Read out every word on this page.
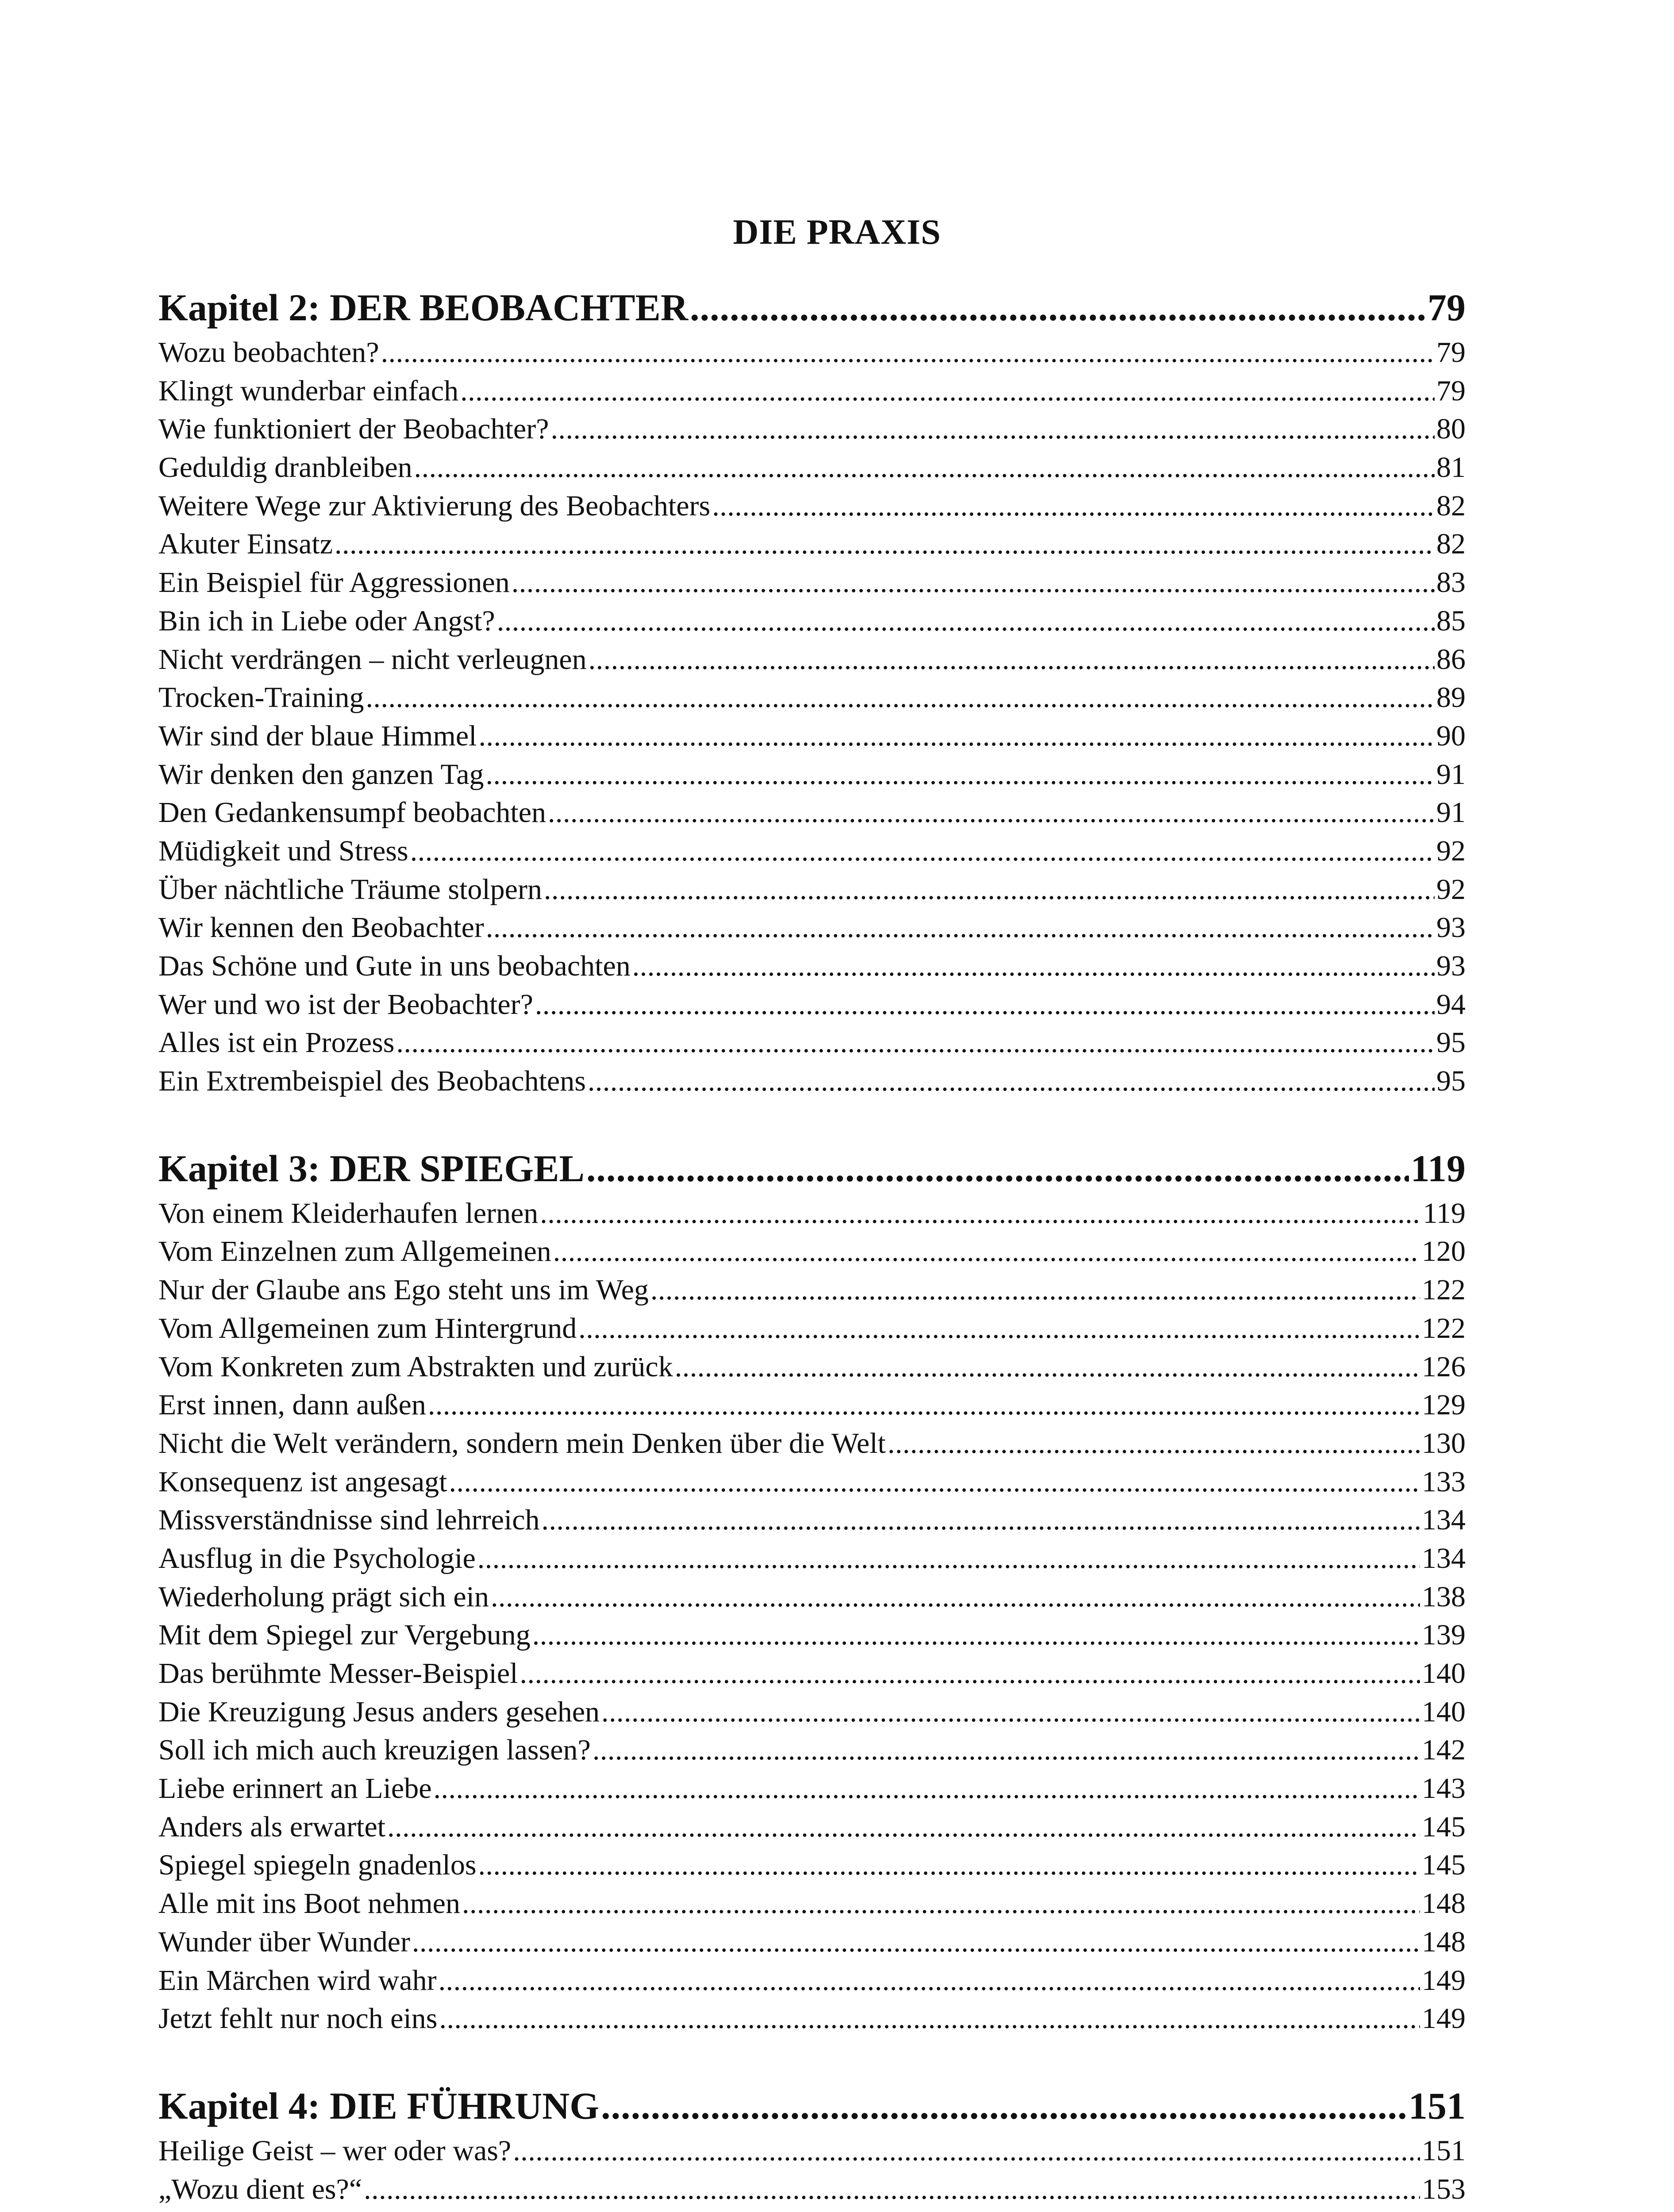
DIE PRAXIS
Kapitel 2: DER BEOBACHTER .....	79
Wozu beobachten? .....	79
Klingt wunderbar einfach .....	79
Wie funktioniert der Beobachter? .....	80
Geduldig dranbleiben .....	81
Weitere Wege zur Aktivierung des Beobachters .....	82
Akuter Einsatz .....	82
Ein Beispiel für Aggressionen .....	83
Bin ich in Liebe oder Angst? .....	85
Nicht verdrängen – nicht verleugnen .....	86
Trocken-Training .....	89
Wir sind der blaue Himmel .....	90
Wir denken den ganzen Tag .....	91
Den Gedankensumpf beobachten .....	91
Müdigkeit und Stress .....	92
Über nächtliche Träume stolpern .....	92
Wir kennen den Beobachter .....	93
Das Schöne und Gute in uns beobachten .....	93
Wer und wo ist der Beobachter? .....	94
Alles ist ein Prozess .....	95
Ein Extrembeispiel des Beobachtens .....	95
Kapitel 3: DER SPIEGEL .....	119
Von einem Kleiderhaufen lernen .....	119
Vom Einzelnen zum Allgemeinen .....	120
Nur der Glaube ans Ego steht uns im Weg .....	122
Vom Allgemeinen zum Hintergrund .....	122
Vom Konkreten zum Abstrakten und zurück .....	126
Erst innen, dann außen .....	129
Nicht die Welt verändern, sondern mein Denken über die Welt .....	130
Konsequenz ist angesagt .....	133
Missverständnisse sind lehrreich .....	134
Ausflug in die Psychologie .....	134
Wiederholung prägt sich ein .....	138
Mit dem Spiegel zur Vergebung .....	139
Das berühmte Messer-Beispiel .....	140
Die Kreuzigung Jesus anders gesehen .....	140
Soll ich mich auch kreuzigen lassen? .....	142
Liebe erinnert an Liebe .....	143
Anders als erwartet .....	145
Spiegel spiegeln gnadenlos .....	145
Alle mit ins Boot nehmen .....	148
Wunder über Wunder .....	148
Ein Märchen wird wahr .....	149
Jetzt fehlt nur noch eins .....	149
Kapitel 4: DIE FÜHRUNG .....	151
Heilige Geist – wer oder was? .....	151
„Wozu dient es?“ .....	153
.....
